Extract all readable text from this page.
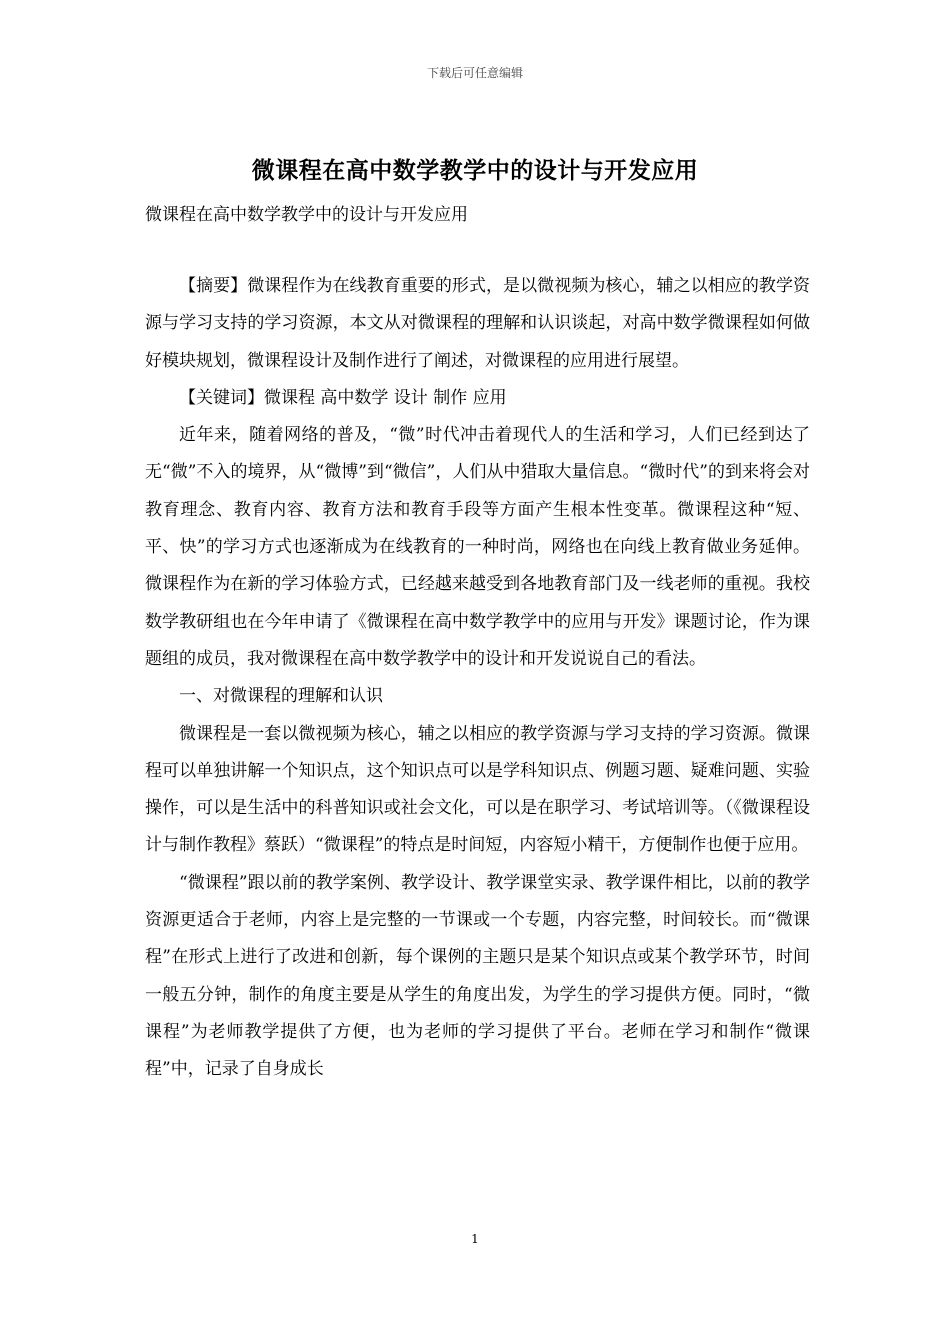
下载后可任意编辑
微课程在高中数学教学中的设计与开发应用
微课程在高中数学教学中的设计与开发应用

【摘要】微课程作为在线教育重要的形式，是以微视频为核心，辅之以相应的教学资源与学习支持的学习资源，本文从对微课程的理解和认识谈起，对高中数学微课程如何做好模块规划，微课程设计及制作进行了阐述，对微课程的应用进行展望。

【关键词】微课程 高中数学 设计 制作 应用

近年来，随着网络的普及，“微”时代冲击着现代人的生活和学习，人们已经到达了无“微”不入的境界，从“微博”到“微信”，人们从中猎取大量信息。“微时代”的到来将会对教育理念、教育内容、教育方法和教育手段等方面产生根本性变革。微课程这种“短、平、快”的学习方式也逐渐成为在线教育的一种时尚，网络也在向线上教育做业务延伸。微课程作为在新的学习体验方式，已经越来越受到各地教育部门及一线老师的重视。我校数学教研组也在今年申请了《微课程在高中数学教学中的应用与开发》课题讨论，作为课题组的成员，我对微课程在高中数学教学中的设计和开发说说自己的看法。

一、对微课程的理解和认识

微课程是一套以微视频为核心，辅之以相应的教学资源与学习支持的学习资源。微课程可以单独讲解一个知识点，这个知识点可以是学科知识点、例题习题、疑难问题、实验操作，可以是生活中的科普知识或社会文化，可以是在职学习、考试培训等。（《微课程设计与制作教程》蔡跃）“微课程”的特点是时间短，内容短小精干，方便制作也便于应用。

“微课程”跟以前的教学案例、教学设计、教学课堂实录、教学课件相比，以前的教学资源更适合于老师，内容上是完整的一节课或一个专题，内容完整，时间较长。而“微课程”在形式上进行了改进和创新，每个课例的主题只是某个知识点或某个教学环节，时间一般五分钟，制作的角度主要是从学生的角度出发，为学生的学习提供方便。同时，“微课程”为老师教学提供了方便，也为老师的学习提供了平台。老师在学习和制作“微课程”中，记录了自身成长

1
